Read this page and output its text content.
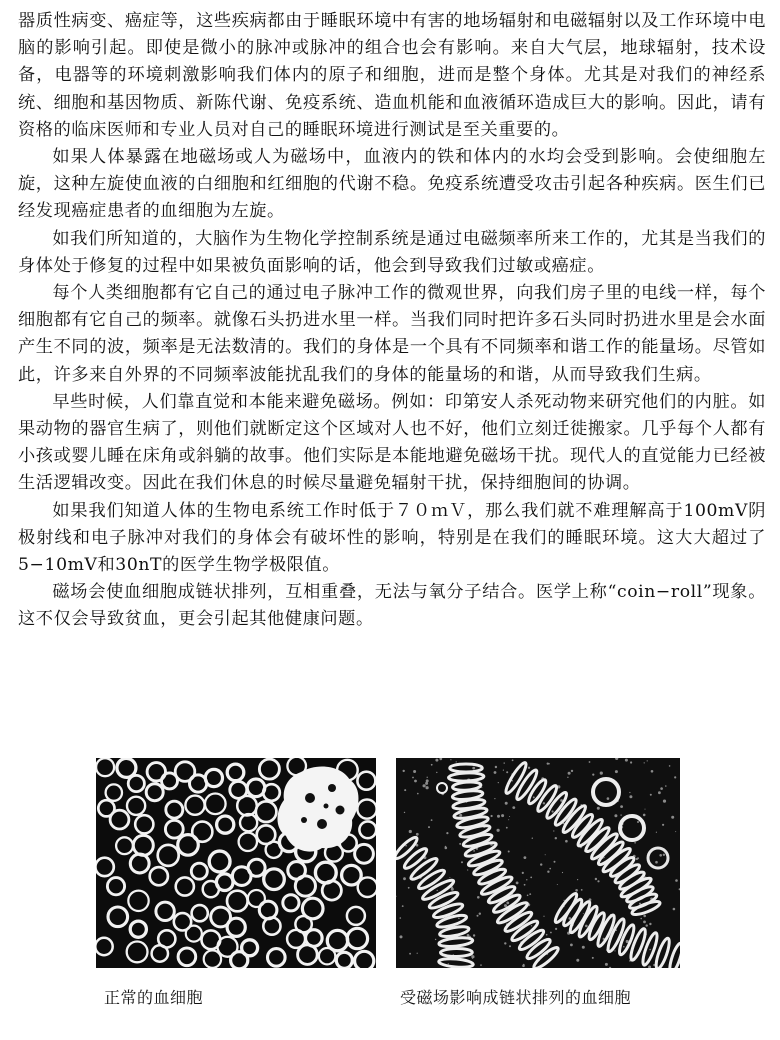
器质性病变、癌症等，这些疾病都由于睡眠环境中有害的地场辐射和电磁辐射以及工作环境中电脑的影响引起。即使是微小的脉冲或脉冲的组合也会有影响。来自大气层，地球辐射，技术设备，电器等的环境刺激影响我们体内的原子和细胞，进而是整个身体。尤其是对我们的神经系统、细胞和基因物质、新陈代谢、免疫系统、造血机能和血液循环造成巨大的影响。因此，请有资格的临床医师和专业人员对自己的睡眠环境进行测试是至关重要的。

如果人体暴露在地磁场或人为磁场中，血液内的铁和体内的水均会受到影响。会使细胞左旋，这种左旋使血液的白细胞和红细胞的代谢不稳。免疫系统遭受攻击引起各种疾病。医生们已经发现癌症患者的血细胞为左旋。

如我们所知道的，大脑作为生物化学控制系统是通过电磁频率所来工作的，尤其是当我们的身体处于修复的过程中如果被负面影响的话，他会到导致我们过敏或癌症。

每个人类细胞都有它自己的通过电子脉冲工作的微观世界，向我们房子里的电线一样，每个细胞都有它自己的频率。就像石头扔进水里一样。当我们同时把许多石头同时扔进水里是会水面产生不同的波，频率是无法数清的。我们的身体是一个具有不同频率和谐工作的能量场。尽管如此，许多来自外界的不同频率波能扰乱我们的身体的能量场的和谐，从而导致我们生病。

早些时候，人们靠直觉和本能来避免磁场。例如：印第安人杀死动物来研究他们的内脏。如果动物的器官生病了，则他们就断定这个区域对人也不好，他们立刻迁徙搬家。几乎每个人都有小孩或婴儿睡在床角或斜躺的故事。他们实际是本能地避免磁场干扰。现代人的直觉能力已经被生活逻辑改变。因此在我们休息的时候尽量避免辐射干扰，保持细胞间的协调。

如果我们知道人体的生物电系统工作时低于７０ｍＶ，那么我们就不难理解高于100mV阴极射线和电子脉冲对我们的身体会有破坏性的影响，特别是在我们的睡眠环境。这大大超过了5−10mV和30nT的医学生物学极限值。

磁场会使血细胞成链状排列，互相重叠，无法与氧分子结合。医学上称“coin−roll”现象。这不仅会导致贫血，更会引起其他健康问题。

正常的血细胞	受磁场影响成链状排列的血细胞
